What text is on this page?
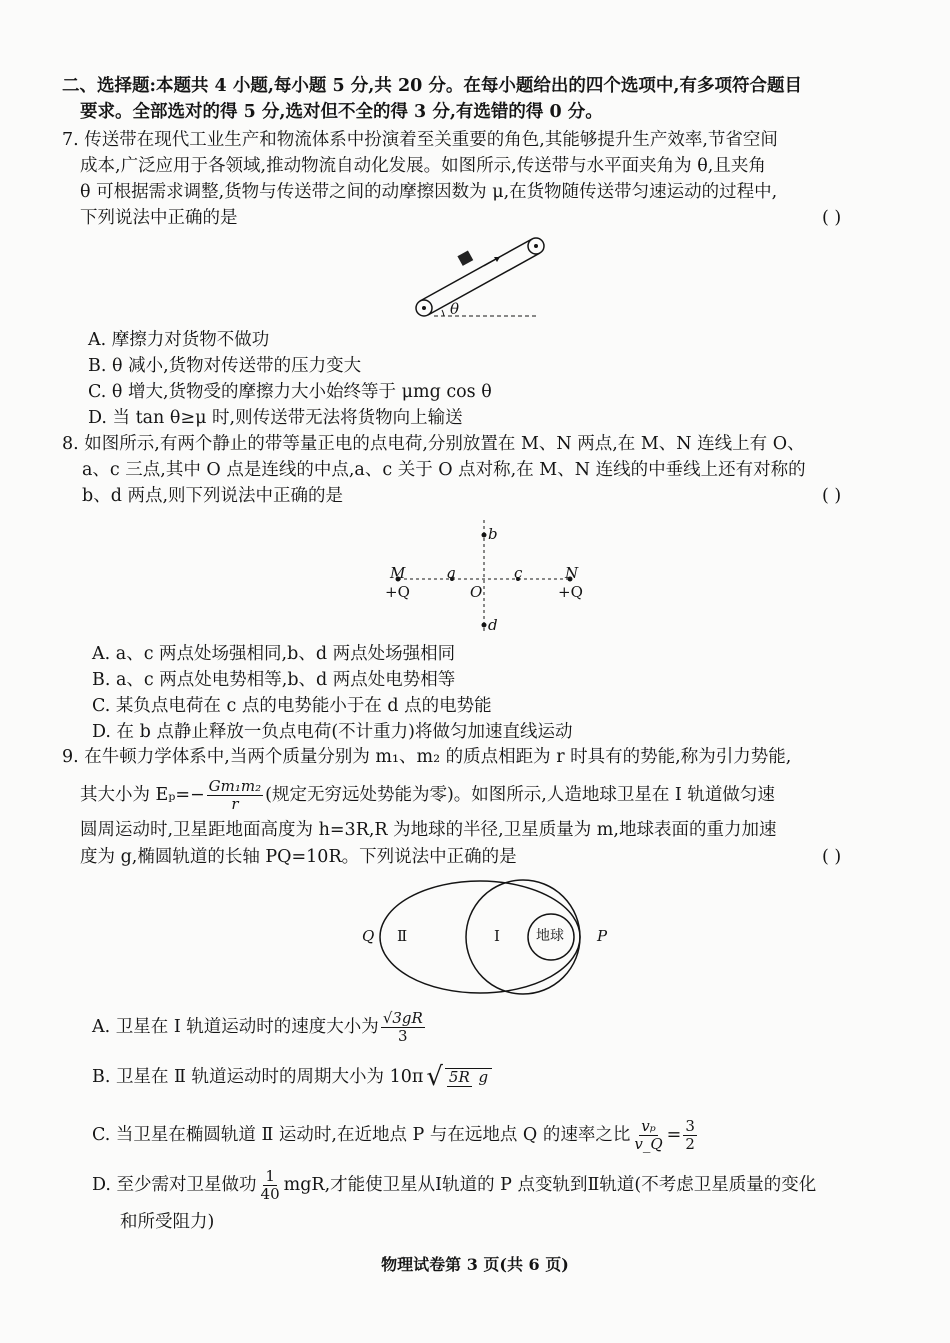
二、选择题:本题共 4 小题,每小题 5 分,共 20 分。在每小题给出的四个选项中,有多项符合题目
要求。全部选对的得 5 分,选对但不全的得 3 分,有选错的得 0 分。
7. 传送带在现代工业生产和物流体系中扮演着至关重要的角色,其能够提升生产效率,节省空间
成本,广泛应用于各领域,推动物流自动化发展。如图所示,传送带与水平面夹角为 θ,且夹角
θ 可根据需求调整,货物与传送带之间的动摩擦因数为 μ,在货物随传送带匀速运动的过程中,
下列说法中正确的是	( )
θ
A. 摩擦力对货物不做功
B. θ 减小,货物对传送带的压力变大
C. θ 增大,货物受的摩擦力大小始终等于 μmg cos θ
D. 当 tan θ≥μ 时,则传送带无法将货物向上输送
8. 如图所示,有两个静止的带等量正电的点电荷,分别放置在 M、N 两点,在 M、N 连线上有 O、
a、c 三点,其中 O 点是连线的中点,a、c 关于 O 点对称,在 M、N 连线的中垂线上还有对称的
b、d 两点,则下列说法中正确的是	( )
b
d
M	N
a	c
O
+Q	+Q
A. a、c 两点处场强相同,b、d 两点处场强相同
B. a、c 两点处电势相等,b、d 两点处电势相等
C. 某负点电荷在 c 点的电势能小于在 d 点的电势能
D. 在 b 点静止释放一负点电荷(不计重力)将做匀加速直线运动
9. 在牛顿力学体系中,当两个质量分别为 m₁、m₂ 的质点相距为 r 时具有的势能,称为引力势能,
其大小为 $E_p=- \frac{\text{Gm₁m₂}}{r}$ (规定无穷远处势能为零)。如图所示,人造地球卫星在 Ⅰ 轨道做匀速
圆周运动时,卫星距地面高度为 h=3R,R 为地球的半径,卫星质量为 m,地球表面的重力加速
度为 g,椭圆轨道的长轴 PQ=10R。下列说法中正确的是	( )
Q Ⅱ	Ⅰ	地球 P
A. 卫星在 Ⅰ 轨道运动时的速度大小为 $\frac{√3gR}{3}$
B. 卫星在 Ⅱ 轨道运动时的周期大小为 10π √ 5R g
C. 当卫星在椭圆轨道 Ⅱ 运动时,在近地点 P 与在远地点 Q 的速率之比 $\frac{\text{vₚ}}{v\_Q} = \frac{3}{2}$
D. 至少需对卫星做功 $\frac{1}{40}$ mgR,才能使卫星从Ⅰ轨道的 P 点变轨到Ⅱ轨道(不考虑卫星质量的变化
和所受阻力)
物理试卷第 3 页(共 6 页)
